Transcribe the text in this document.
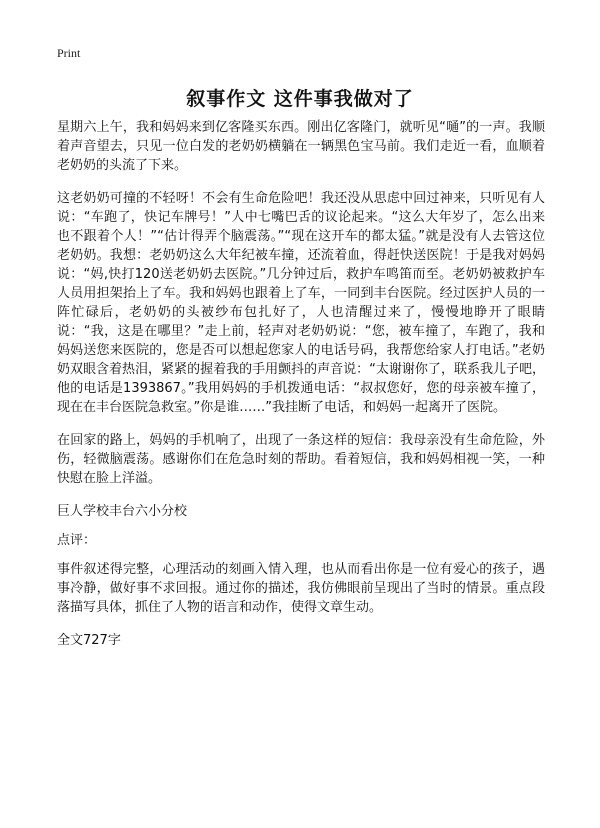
Print
叙事作文 这件事我做对了

星期六上午，我和妈妈来到亿客隆买东西。刚出亿客隆门，就听见“嗵”的一声。我顺着声音望去，只见一位白发的老奶奶横躺在一辆黑色宝马前。我们走近一看，血顺着老奶奶的头流了下来。

这老奶奶可撞的不轻呀！不会有生命危险吧！我还没从思虑中回过神来，只听见有人说：“车跑了，快记车牌号！”人中七嘴巴舌的议论起来。“这么大年岁了，怎么出来也不跟着个人！”“估计得弄个脑震荡。”“现在这开车的都太猛。”就是没有人去管这位老奶奶。我想：老奶奶这么大年纪被车撞，还流着血，得赶快送医院！于是我对妈妈说：“妈,快打120送老奶奶去医院。”几分钟过后，救护车鸣笛而至。老奶奶被救护车人员用担架抬上了车。我和妈妈也跟着上了车，一同到丰台医院。经过医护人员的一阵忙碌后，老奶奶的头被纱布包扎好了，人也清醒过来了，慢慢地睁开了眼睛说：“我，这是在哪里？”走上前，轻声对老奶奶说：“您，被车撞了，车跑了，我和妈妈送您来医院的，您是否可以想起您家人的电话号码，我帮您给家人打电话。”老奶奶双眼含着热泪，紧紧的握着我的手用颤抖的声音说：“太谢谢你了，联系我儿子吧，他的电话是1393867。”我用妈妈的手机拨通电话：“叔叔您好，您的母亲被车撞了，现在在丰台医院急救室。”你是谁……”我挂断了电话，和妈妈一起离开了医院。

在回家的路上，妈妈的手机响了，出现了一条这样的短信：我母亲没有生命危险，外伤，轻微脑震荡。感谢你们在危急时刻的帮助。看着短信，我和妈妈相视一笑，一种快慰在脸上洋溢。

巨人学校丰台六小分校

点评：

事件叙述得完整，心理活动的刻画入情入理，也从而看出你是一位有爱心的孩子，遇事冷静，做好事不求回报。通过你的描述，我仿佛眼前呈现出了当时的情景。重点段落描写具体，抓住了人物的语言和动作，使得文章生动。

全文727字
